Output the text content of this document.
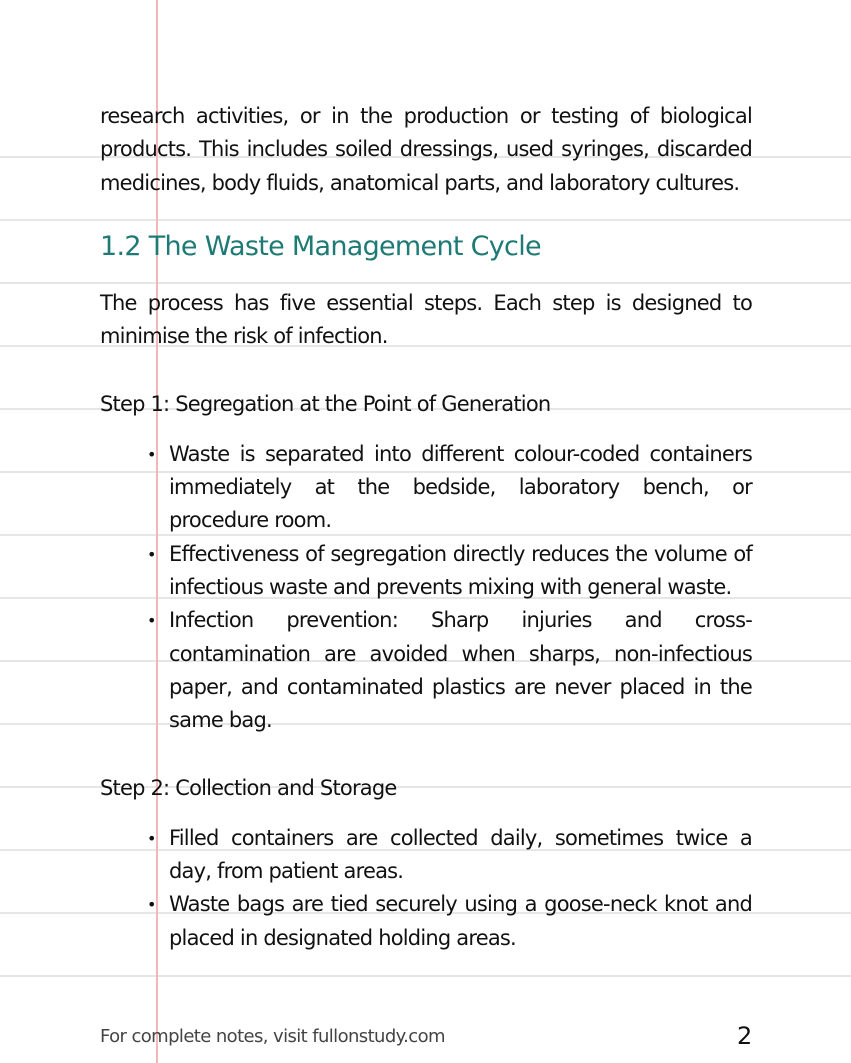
research activities, or in the production or testing of biological products. This includes soiled dressings, used syringes, discarded medicines, body fluids, anatomical parts, and laboratory cultures.

1.2 The Waste Management Cycle

The process has five essential steps. Each step is designed to minimise the risk of infection.

Step 1: Segregation at the Point of Generation
• Waste is separated into different colour-coded containers immediately at the bedside, laboratory bench, or procedure room.
• Effectiveness of segregation directly reduces the volume of infectious waste and prevents mixing with general waste.
• Infection prevention: Sharp injuries and cross-contamination are avoided when sharps, non-infectious paper, and contaminated plastics are never placed in the same bag.
Step 2: Collection and Storage
• Filled containers are collected daily, sometimes twice a day, from patient areas.
• Waste bags are tied securely using a goose-neck knot and placed in designated holding areas.
For complete notes, visit fullonstudy.com	2
